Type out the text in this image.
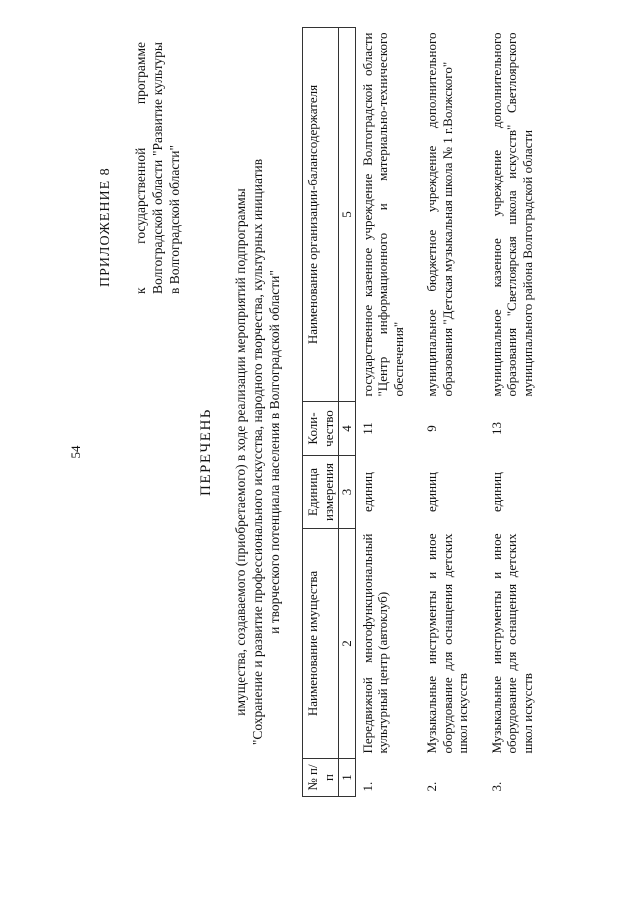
54
ПРИЛОЖЕНИЕ 8 к государственной программе Волгоградской области "Развитие культуры в Волгоградской области"
ПЕРЕЧЕНЬ имущества, создаваемого (приобретаемого) в ходе реализации мероприятий подпрограммы "Сохранение и развитие профессионального искусства, народного творчества, культурных инициатив и творческого потенциала населения в Волгоградской области"
№ п/п	Наименование имущества	Единица измерения	Коли-чество	Наименование организации-балансодержателя
1	2	3	4	5
1.	Передвижной многофункциональный культурный центр (автоклуб)	единиц	11	государственное казенное учреждение Волгоградской области "Центр информационного и материально-технического обеспечения"
2.	Музыкальные инструменты и иное оборудование для оснащения детских школ искусств	единиц	9	муниципальное бюджетное учреждение дополнительного образования "Детская музыкальная школа № 1 г.Волжского"
3.	Музыкальные инструменты и иное оборудование для оснащения детских школ искусств	единиц	13	муниципальное казенное учреждение дополнительного образования "Светлоярская школа искусств" Светлоярского муниципального района Волгоградской области
